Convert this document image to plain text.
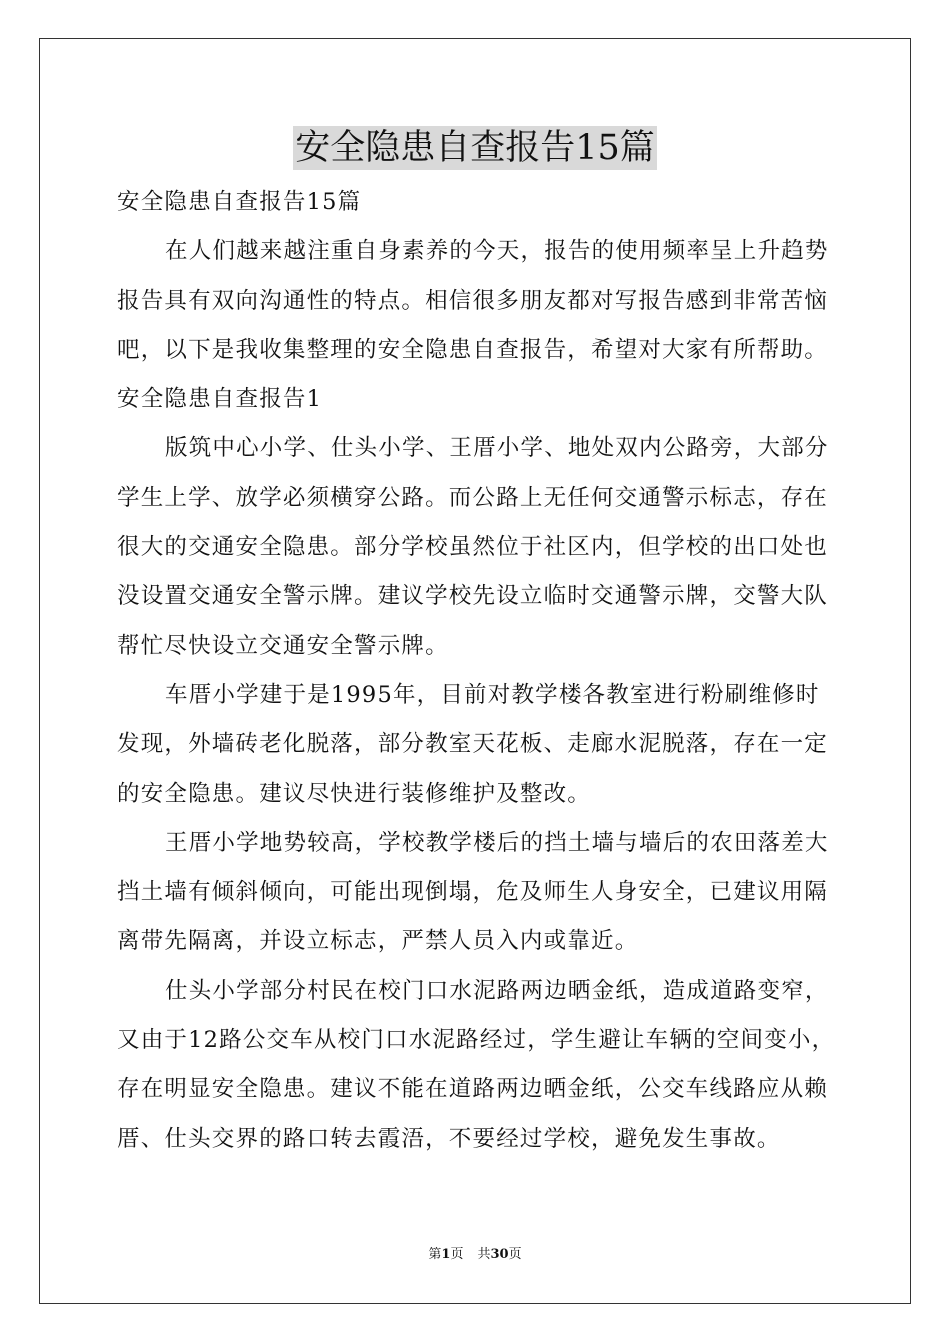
安全隐患自查报告15篇
安全隐患自查报告15篇
在人们越来越注重自身素养的今天，报告的使用频率呈上升趋势
报告具有双向沟通性的特点。相信很多朋友都对写报告感到非常苦恼
吧，以下是我收集整理的安全隐患自查报告，希望对大家有所帮助。
安全隐患自查报告1
版筑中心小学、仕头小学、王厝小学、地处双内公路旁，大部分
学生上学、放学必须横穿公路。而公路上无任何交通警示标志，存在
很大的交通安全隐患。部分学校虽然位于社区内，但学校的出口处也
没设置交通安全警示牌。建议学校先设立临时交通警示牌，交警大队
帮忙尽快设立交通安全警示牌。
车厝小学建于是1995年，目前对教学楼各教室进行粉刷维修时
发现，外墙砖老化脱落，部分教室天花板、走廊水泥脱落，存在一定
的安全隐患。建议尽快进行装修维护及整改。
王厝小学地势较高，学校教学楼后的挡土墙与墙后的农田落差大
挡土墙有倾斜倾向，可能出现倒塌，危及师生人身安全，已建议用隔
离带先隔离，并设立标志，严禁人员入内或靠近。
仕头小学部分村民在校门口水泥路两边晒金纸，造成道路变窄，
又由于12路公交车从校门口水泥路经过，学生避让车辆的空间变小，
存在明显安全隐患。建议不能在道路两边晒金纸，公交车线路应从赖
厝、仕头交界的路口转去霞浯，不要经过学校，避免发生事故。
第1页 共30页
